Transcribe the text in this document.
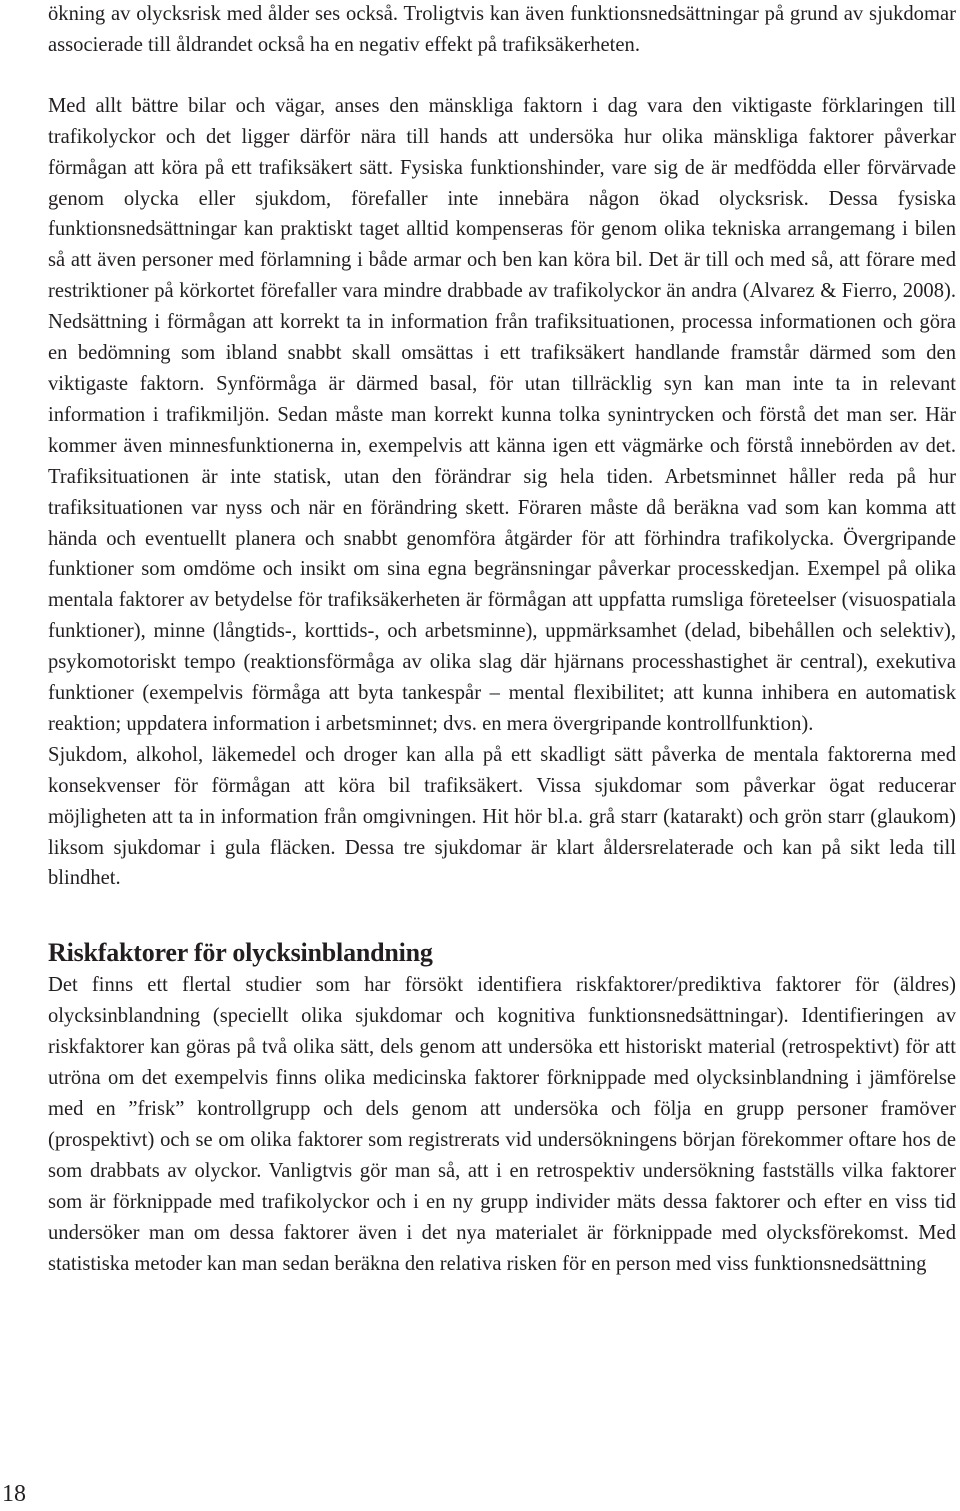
ökning av olycksrisk med ålder ses också. Troligtvis kan även funktionsnedsättningar på grund av sjukdomar associerade till åldrandet också ha en negativ effekt på trafiksäkerheten.

Med allt bättre bilar och vägar, anses den mänskliga faktorn i dag vara den viktigaste förklaringen till trafikolyckor och det ligger därför nära till hands att undersöka hur olika mänskliga faktorer påverkar förmågan att köra på ett trafiksäkert sätt. Fysiska funktionshinder, vare sig de är medfödda eller förvärvade genom olycka eller sjukdom, förefaller inte innebära någon ökad olycksrisk. Dessa fysiska funktionsnedsättningar kan praktiskt taget alltid kompenseras för genom olika tekniska arrangemang i bilen så att även personer med förlamning i både armar och ben kan köra bil. Det är till och med så, att förare med restriktioner på körkortet förefaller vara mindre drabbade av trafikolyckor än andra (Alvarez & Fierro, 2008). Nedsättning i förmågan att korrekt ta in information från trafiksituationen, processa informationen och göra en bedömning som ibland snabbt skall omsättas i ett trafiksäkert handlande framstår därmed som den viktigaste faktorn. Synförmåga är därmed basal, för utan tillräcklig syn kan man inte ta in relevant information i trafikmiljön. Sedan måste man korrekt kunna tolka synintrycken och förstå det man ser. Här kommer även minnesfunktionerna in, exempelvis att känna igen ett vägmärke och förstå innebörden av det. Trafiksituationen är inte statisk, utan den förändrar sig hela tiden. Arbetsminnet håller reda på hur trafiksituationen var nyss och när en förändring skett. Föraren måste då beräkna vad som kan komma att hända och eventuellt planera och snabbt genomföra åtgärder för att förhindra trafikolycka. Övergripande funktioner som omdöme och insikt om sina egna begränsningar påverkar processkedjan. Exempel på olika mentala faktorer av betydelse för trafiksäkerheten är förmågan att uppfatta rumsliga företeelser (visuospatiala funktioner), minne (långtids-, korttids-, och arbetsminne), uppmärksamhet (delad, bibehållen och selektiv), psykomotoriskt tempo (reaktionsförmåga av olika slag där hjärnans processhastighet är central), exekutiva funktioner (exempelvis förmåga att byta tankespår – mental flexibilitet; att kunna inhibera en automatisk reaktion; uppdatera information i arbetsminnet; dvs. en mera övergripande kontrollfunktion).

Sjukdom, alkohol, läkemedel och droger kan alla på ett skadligt sätt påverka de mentala faktorerna med konsekvenser för förmågan att köra bil trafiksäkert. Vissa sjukdomar som påverkar ögat reducerar möjligheten att ta in information från omgivningen. Hit hör bl.a. grå starr (katarakt) och grön starr (glaukom) liksom sjukdomar i gula fläcken. Dessa tre sjukdomar är klart åldersrelaterade och kan på sikt leda till blindhet.

Riskfaktorer för olycksinblandning

Det finns ett flertal studier som har försökt identifiera riskfaktorer/prediktiva faktorer för (äldres) olycksinblandning (speciellt olika sjukdomar och kognitiva funktionsnedsättningar). Identifieringen av riskfaktorer kan göras på två olika sätt, dels genom att undersöka ett historiskt material (retrospektivt) för att utröna om det exempelvis finns olika medicinska faktorer förknippade med olycksinblandning i jämförelse med en ”frisk” kontrollgrupp och dels genom att undersöka och följa en grupp personer framöver (prospektivt) och se om olika faktorer som registrerats vid undersökningens början förekommer oftare hos de som drabbats av olyckor. Vanligtvis gör man så, att i en retrospektiv undersökning fastställs vilka faktorer som är förknippade med trafikolyckor och i en ny grupp individer mäts dessa faktorer och efter en viss tid undersöker man om dessa faktorer även i det nya materialet är förknippade med olycksförekomst. Med statistiska metoder kan man sedan beräkna den relativa risken för en person med viss funktionsnedsättning

18
